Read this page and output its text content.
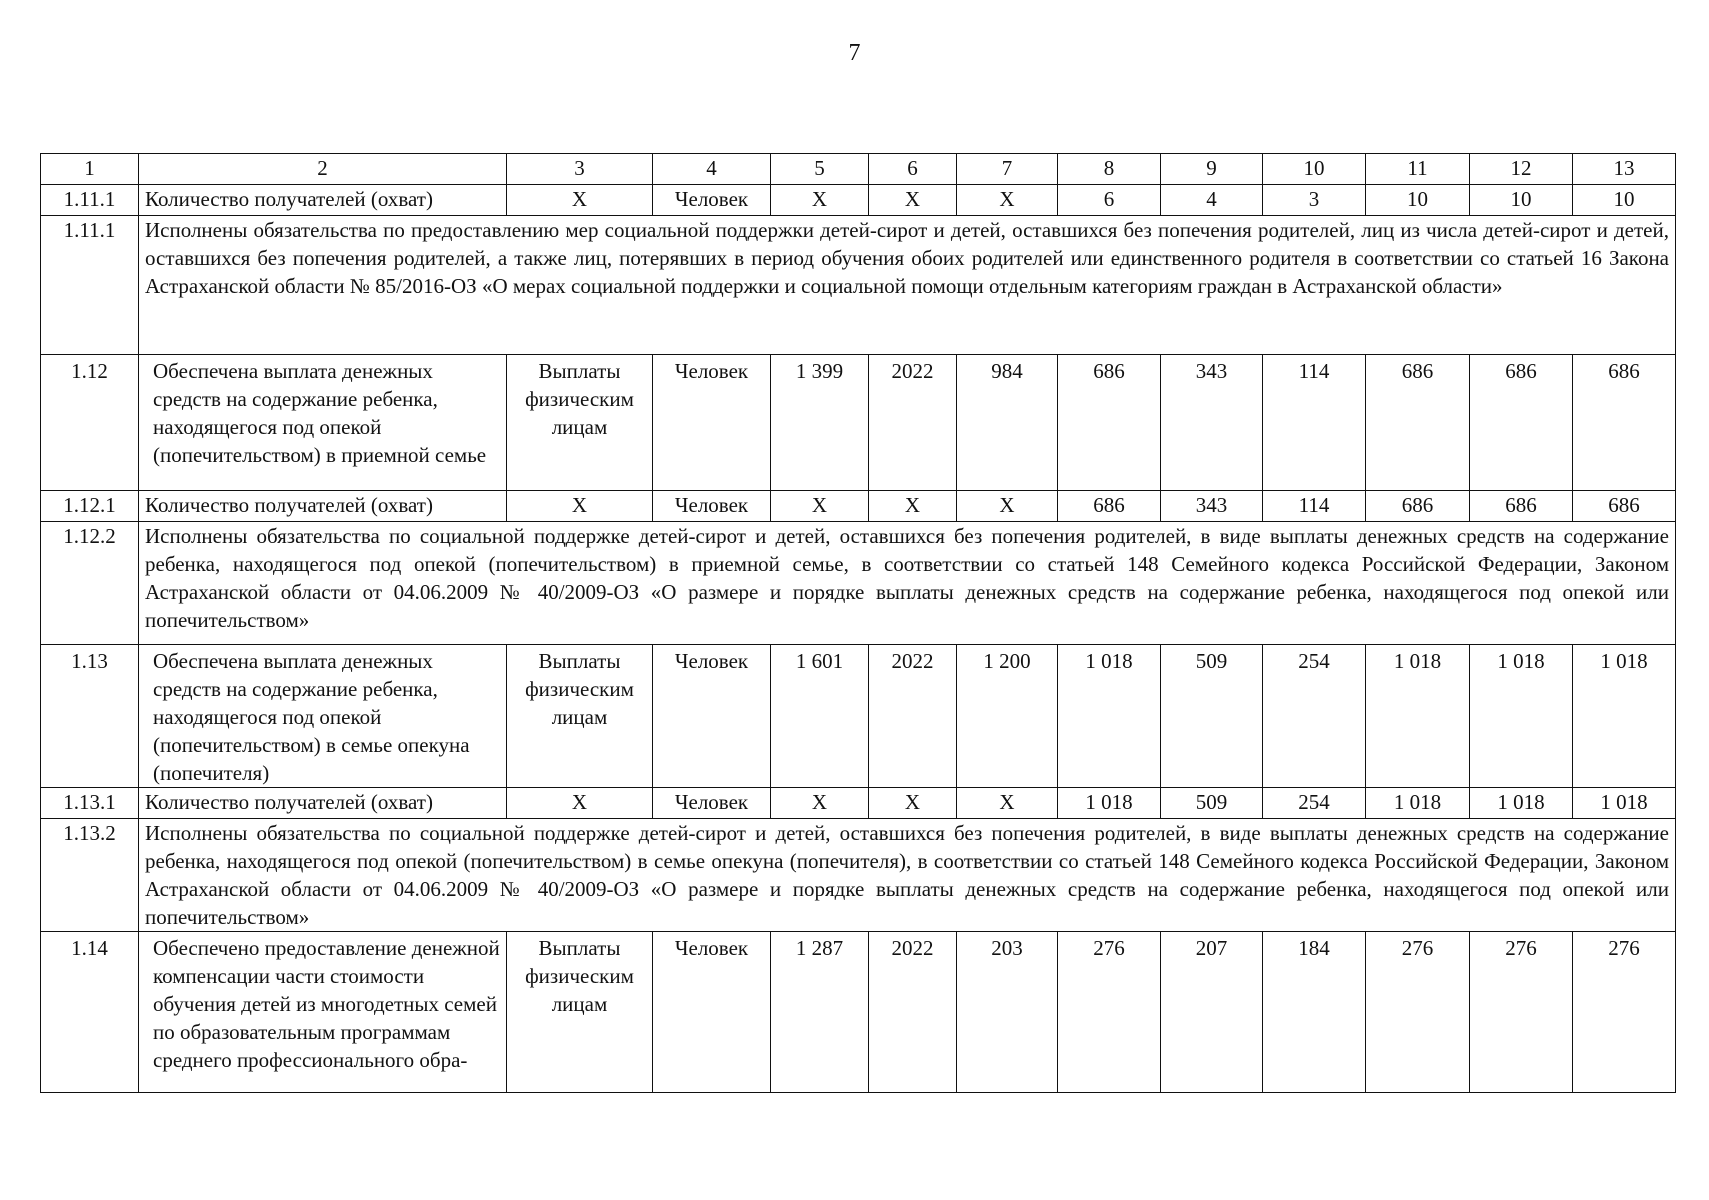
7
1	2	3	4	5	6	7	8	9	10	11	12	13
1.11.1	Количество получателей (охват)	Х	Человек	Х	Х	Х	6	4	3	10	10	10
1.11.1	Исполнены обязательства по предоставлению мер социальной поддержки детей-сирот и детей, оставшихся без попечения родителей, лиц из числа детей-сирот и детей, оставшихся без попечения родителей, а также лиц, потерявших в период обучения обоих родителей или единственного родителя в соответствии со статьей 16 Закона Астраханской области № 85/2016-ОЗ «О мерах социальной поддержки и социальной помощи отдельным категориям граждан в Астраханской области»											
1.12	Обеспечена выплата денежных средств на содержание ребенка, находящегося под опекой (попечительством) в приемной семье	Выплаты физическим лицам	Человек	1 399	2022	984	686	343	114	686	686	686
1.12.1	Количество получателей (охват)	Х	Человек	Х	Х	Х	686	343	114	686	686	686
1.12.2	Исполнены обязательства по социальной поддержке детей-сирот и детей, оставшихся без попечения родителей, в виде выплаты денежных средств на содержание ребенка, находящегося под опекой (попечительством) в приемной семье, в соответствии со статьей 148 Семейного кодекса Российской Федерации, Законом Астраханской области от 04.06.2009 № 40/2009-ОЗ «О размере и порядке выплаты денежных средств на содержание ребенка, находящегося под опекой или попечительством»											
1.13	Обеспечена выплата денежных средств на содержание ребенка, находящегося под опекой (попечительством) в семье опекуна (попечителя)	Выплаты физическим лицам	Человек	1 601	2022	1 200	1 018	509	254	1 018	1 018	1 018
1.13.1	Количество получателей (охват)	Х	Человек	Х	Х	Х	1 018	509	254	1 018	1 018	1 018
1.13.2	Исполнены обязательства по социальной поддержке детей-сирот и детей, оставшихся без попечения родителей, в виде выплаты денежных средств на содержание ребенка, находящегося под опекой (попечительством) в семье опекуна (попечителя), в соответствии со статьей 148 Семейного кодекса Российской Федерации, Законом Астраханской области от 04.06.2009 № 40/2009-ОЗ «О размере и порядке выплаты денежных средств на содержание ребенка, находящегося под опекой или попечительством»											
1.14	Обеспечено предоставление денежной компенсации части стоимости обучения детей из многодетных семей по образовательным программам среднего профессионального обра-	Выплаты физическим лицам	Человек	1 287	2022	203	276	207	184	276	276	276
